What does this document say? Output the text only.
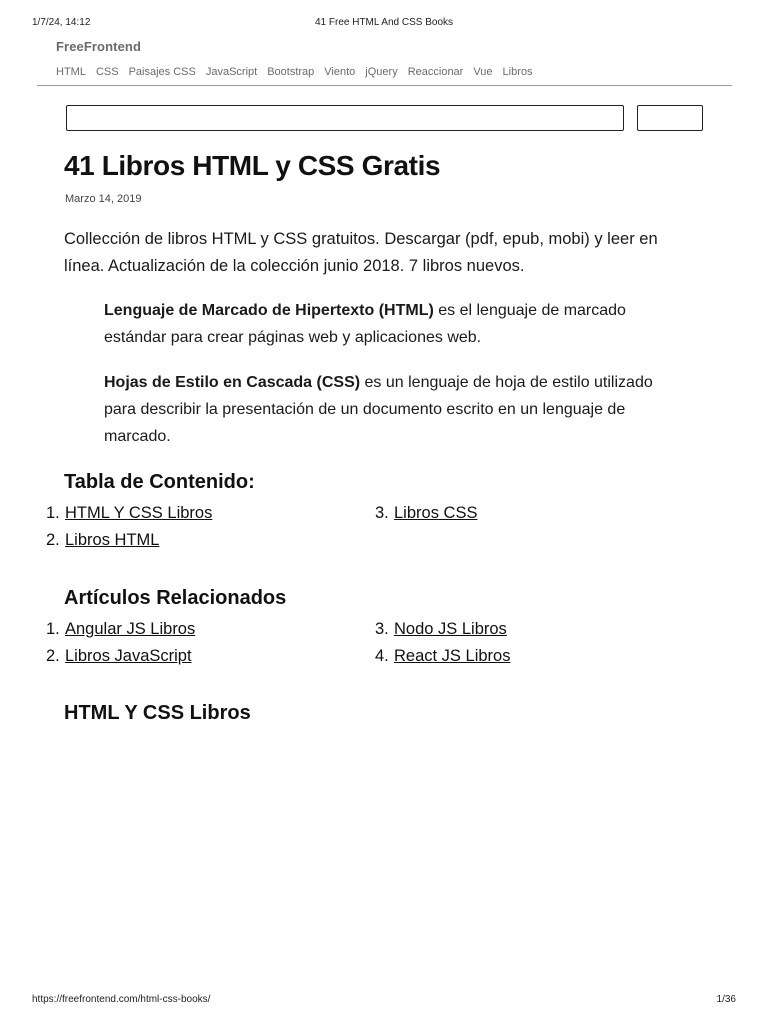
1/7/24, 14:12	41 Free HTML And CSS Books
FreeFrontend
HTML CSS Paisajes CSS JavaScript Bootstrap Viento jQuery Reaccionar Vue Libros
41 Libros HTML y CSS Gratis
Marzo 14, 2019

Collección de libros HTML y CSS gratuitos. Descargar (pdf, epub, mobi) y leer en línea. Actualización de la colección junio 2018. 7 libros nuevos.

Lenguaje de Marcado de Hipertexto (HTML) es el lenguaje de marcado estándar para crear páginas web y aplicaciones web.

Hojas de Estilo en Cascada (CSS) es un lenguaje de hoja de estilo utilizado para describir la presentación de un documento escrito en un lenguaje de marcado.

Tabla de Contenido:
1. HTML Y CSS Libros
2. Libros HTML
3. Libros CSS
Artículos Relacionados
1. Angular JS Libros
2. Libros JavaScript
3. Nodo JS Libros
4. React JS Libros
HTML Y CSS Libros
https://freefrontend.com/html-css-books/	1/36
